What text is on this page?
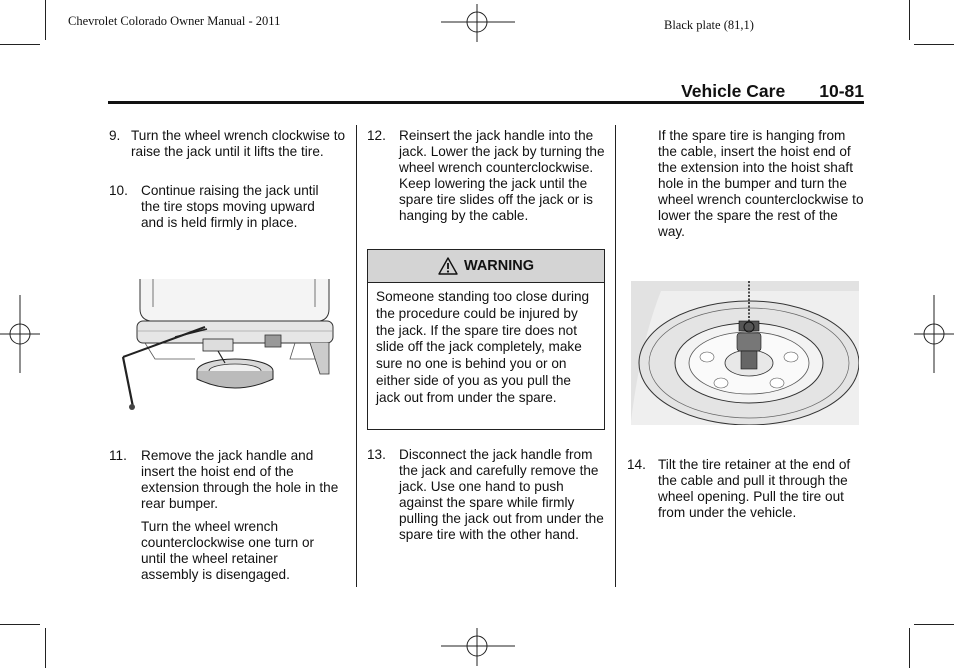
Chevrolet Colorado Owner Manual - 2011	Black plate (81,1)
Vehicle Care 10-81
9. Turn the wheel wrench clockwise to raise the jack until it lifts the tire.
10. Continue raising the jack until the tire stops moving upward and is held firmly in place.
11. Remove the jack handle and insert the hoist end of the extension through the hole in the rear bumper.
Turn the wheel wrench counterclockwise one turn or until the wheel retainer assembly is disengaged.
12. Reinsert the jack handle into the jack. Lower the jack by turning the wheel wrench counterclockwise. Keep lowering the jack until the spare tire slides off the jack or is hanging by the cable.
WARNING
Someone standing too close during the procedure could be injured by the jack. If the spare tire does not slide off the jack completely, make sure no one is behind you or on either side of you as you pull the jack out from under the spare.
13. Disconnect the jack handle from the jack and carefully remove the jack. Use one hand to push against the spare while firmly pulling the jack out from under the spare tire with the other hand.
If the spare tire is hanging from the cable, insert the hoist end of the extension into the hoist shaft hole in the bumper and turn the wheel wrench counterclockwise to lower the spare the rest of the way.
14. Tilt the tire retainer at the end of the cable and pull it through the wheel opening. Pull the tire out from under the vehicle.
